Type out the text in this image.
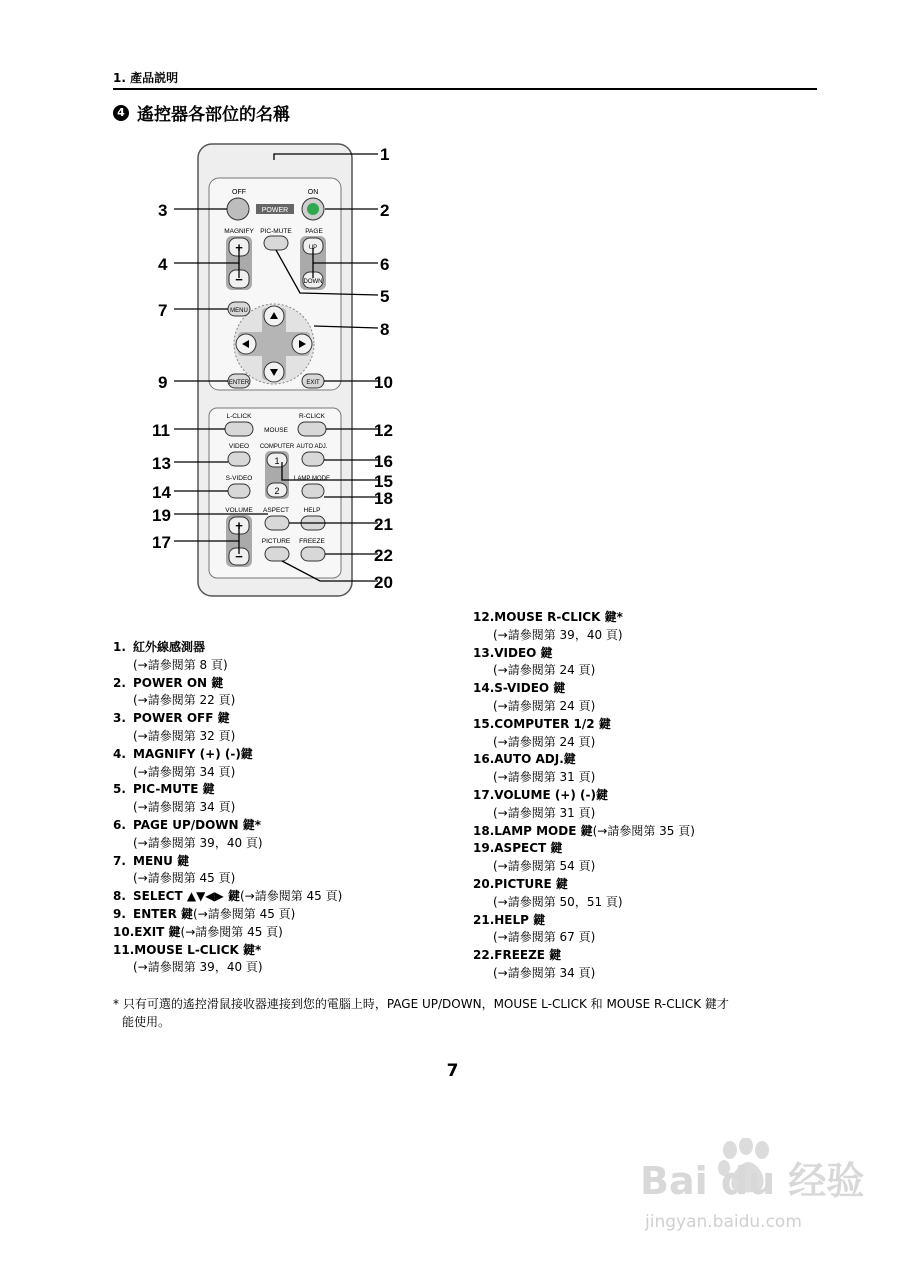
1. 產品説明
4 遙控器各部位的名稱
OFF	ON
POWER
MAGNIFY PIC-MUTE PAGE
+
−
UP
DOWN
MENU
ENTER	EXIT
L-CLICK	R-CLICK
MOUSE
VIDEO COMPUTER AUTO ADJ.
1
2
S-VIDEO	LAMP MODE
VOLUME ASPECT HELP
+
−
PICTURE FREEZE
1
2
3
4
5
6
7
8
9	10
11	12
13
14
15
16
17
18
19
20
21
22
1. 紅外線感測器
(→請參閱第 8 頁)
2. POWER ON 鍵
(→請參閱第 22 頁)
3. POWER OFF 鍵
(→請參閱第 32 頁)
4. MAGNIFY (+) (-)鍵
(→請參閱第 34 頁)
5. PIC-MUTE 鍵
(→請參閱第 34 頁)
6. PAGE UP/DOWN 鍵*
(→請參閱第 39，40 頁)
7. MENU 鍵
(→請參閱第 45 頁)
8. SELECT ▲▼◀▶ 鍵(→請參閱第 45 頁)
9. ENTER 鍵(→請參閱第 45 頁)
10.EXIT 鍵(→請參閱第 45 頁)
11.MOUSE L-CLICK 鍵*
(→請參閱第 39，40 頁)
12.MOUSE R-CLICK 鍵*
(→請參閱第 39，40 頁)
13.VIDEO 鍵
(→請參閱第 24 頁)
14.S-VIDEO 鍵
(→請參閱第 24 頁)
15.COMPUTER 1/2 鍵
(→請參閱第 24 頁)
16.AUTO ADJ.鍵
(→請參閱第 31 頁)
17.VOLUME (+) (-)鍵
(→請參閱第 31 頁)
18.LAMP MODE 鍵(→請參閱第 35 頁)
19.ASPECT 鍵
(→請參閱第 54 頁)
20.PICTURE 鍵
(→請參閱第 50，51 頁)
21.HELP 鍵
(→請參閱第 67 頁)
22.FREEZE 鍵
(→請參閱第 34 頁)
* 只有可選的遙控滑鼠接收器連接到您的電腦上時，PAGE UP/DOWN，MOUSE L-CLICK 和 MOUSE R-CLICK 鍵才
能使用。
7
Bai du 经验
jingyan.baidu.com
